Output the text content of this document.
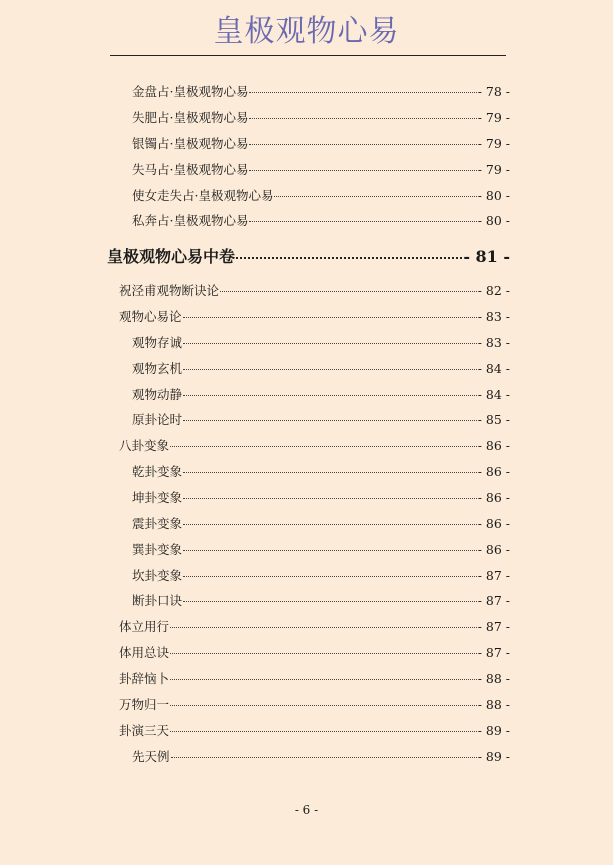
皇极观物心易
金盘占·皇极观物心易	- 78 -
失肥占·皇极观物心易	- 79 -
银镯占·皇极观物心易	- 79 -
失马占·皇极观物心易	- 79 -
使女走失占·皇极观物心易	- 80 -
私奔占·皇极观物心易	- 80 -
皇极观物心易中卷	- 81 -
祝泾甫观物断诀论	- 82 -
观物心易论	- 83 -
观物存诚	- 83 -
观物玄机	- 84 -
观物动静	- 84 -
原卦论时	- 85 -
八卦变象	- 86 -
乾卦变象	- 86 -
坤卦变象	- 86 -
震卦变象	- 86 -
巽卦变象	- 86 -
坎卦变象	- 87 -
断卦口诀	- 87 -
体立用行	- 87 -
体用总诀	- 87 -
卦辞恼卜	- 88 -
万物归一	- 88 -
卦演三天	- 89 -
先天例	- 89 -
- 6 -
